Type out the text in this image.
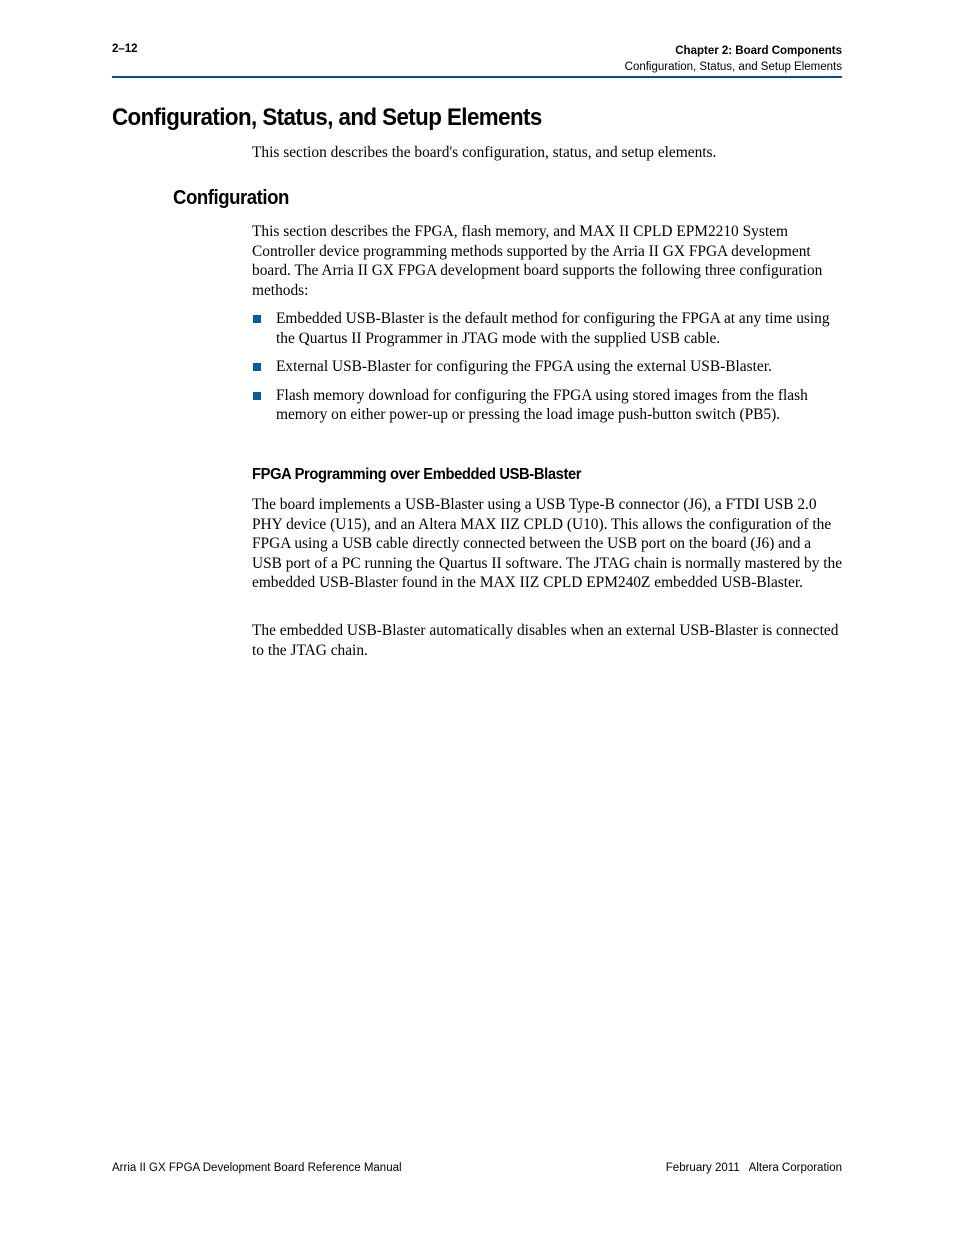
2–12	Chapter 2: Board Components
Configuration, Status, and Setup Elements
Configuration, Status, and Setup Elements

This section describes the board's configuration, status, and setup elements.

Configuration

This section describes the FPGA, flash memory, and MAX II CPLD EPM2210 System Controller device programming methods supported by the Arria II GX FPGA development board. The Arria II GX FPGA development board supports the following three configuration methods:

Embedded USB-Blaster is the default method for configuring the FPGA at any time using the Quartus II Programmer in JTAG mode with the supplied USB cable.
External USB-Blaster for configuring the FPGA using the external USB-Blaster.
Flash memory download for configuring the FPGA using stored images from the flash memory on either power-up or pressing the load image push-button switch (PB5).
FPGA Programming over Embedded USB-Blaster

The board implements a USB-Blaster using a USB Type-B connector (J6), a FTDI USB 2.0 PHY device (U15), and an Altera MAX IIZ CPLD (U10). This allows the configuration of the FPGA using a USB cable directly connected between the USB port on the board (J6) and a USB port of a PC running the Quartus II software. The JTAG chain is normally mastered by the embedded USB-Blaster found in the MAX IIZ CPLD EPM240Z embedded USB-Blaster.

The embedded USB-Blaster automatically disables when an external USB-Blaster is connected to the JTAG chain.

Arria II GX FPGA Development Board Reference Manual	February 2011   Altera Corporation
